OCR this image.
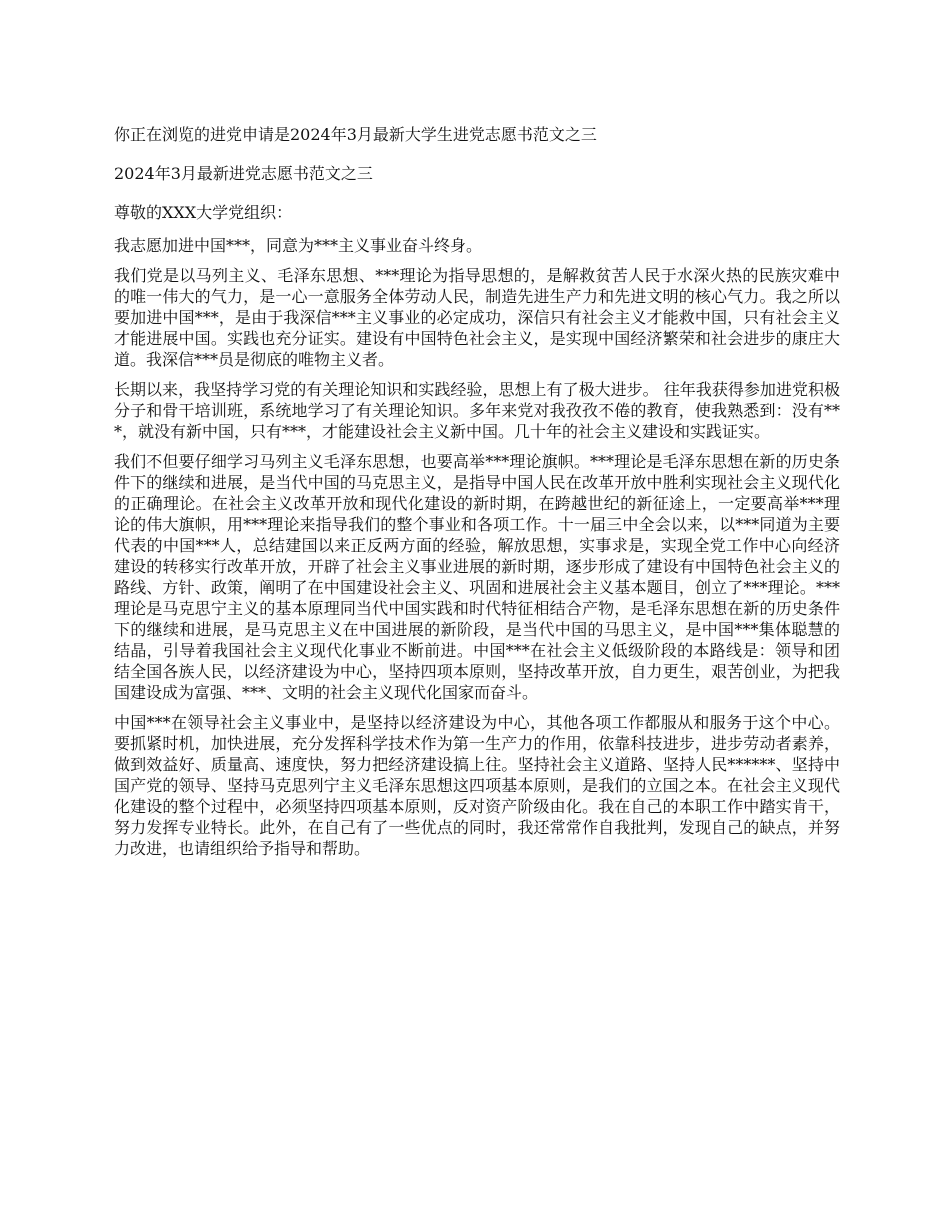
你正在浏览的进党申请是2024年3月最新大学生进党志愿书范文之三

2024年3月最新进党志愿书范文之三

尊敬的XXX大学党组织：

我志愿加进中国***，同意为***主义事业奋斗终身。

我们党是以马列主义、毛泽东思想、***理论为指导思想的，是解救贫苦人民于水深火热的民族灾难中的唯一伟大的气力，是一心一意服务全体劳动人民，制造先进生产力和先进文明的核心气力。我之所以要加进中国***，是由于我深信***主义事业的必定成功，深信只有社会主义才能救中国，只有社会主义才能进展中国。实践也充分证实。建设有中国特色社会主义，是实现中国经济繁荣和社会进步的康庄大道。我深信***员是彻底的唯物主义者。

长期以来，我坚持学习党的有关理论知识和实践经验，思想上有了极大进步。 往年我获得参加进党积极分子和骨干培训班，系统地学习了有关理论知识。多年来党对我孜孜不倦的教育，使我熟悉到：没有***，就没有新中国，只有***，才能建设社会主义新中国。几十年的社会主义建设和实践证实。

我们不但要仔细学习马列主义毛泽东思想，也要高举***理论旗帜。***理论是毛泽东思想在新的历史条件下的继续和进展，是当代中国的马克思主义，是指导中国人民在改革开放中胜利实现社会主义现代化的正确理论。在社会主义改革开放和现代化建设的新时期，在跨越世纪的新征途上，一定要高举***理论的伟大旗帜，用***理论来指导我们的整个事业和各项工作。十一届三中全会以来，以***同道为主要代表的中国***人，总结建国以来正反两方面的经验，解放思想，实事求是，实现全党工作中心向经济建设的转移实行改革开放，开辟了社会主义事业进展的新时期，逐步形成了建设有中国特色社会主义的路线、方针、政策，阐明了在中国建设社会主义、巩固和进展社会主义基本题目，创立了***理论。***理论是马克思宁主义的基本原理同当代中国实践和时代特征相结合产物，是毛泽东思想在新的历史条件下的继续和进展，是马克思主义在中国进展的新阶段，是当代中国的马思主义，是中国***集体聪慧的结晶，引导着我国社会主义现代化事业不断前进。中国***在社会主义低级阶段的本路线是：领导和团结全国各族人民，以经济建设为中心，坚持四项本原则，坚持改革开放，自力更生，艰苦创业，为把我国建设成为富强、***、文明的社会主义现代化国家而奋斗。

中国***在领导社会主义事业中，是坚持以经济建设为中心，其他各项工作都服从和服务于这个中心。要抓紧时机，加快进展，充分发挥科学技术作为第一生产力的作用，依靠科技进步，进步劳动者素养，做到效益好、质量高、速度快，努力把经济建设搞上往。坚持社会主义道路、坚持人民******、坚持中国产党的领导、坚持马克思列宁主义毛泽东思想这四项基本原则，是我们的立国之本。在社会主义现代化建设的整个过程中，必须坚持四项基本原则，反对资产阶级由化。我在自己的本职工作中踏实肯干，努力发挥专业特长。此外，在自己有了一些优点的同时，我还常常作自我批判，发现自己的缺点，并努力改进，也请组织给予指导和帮助。
